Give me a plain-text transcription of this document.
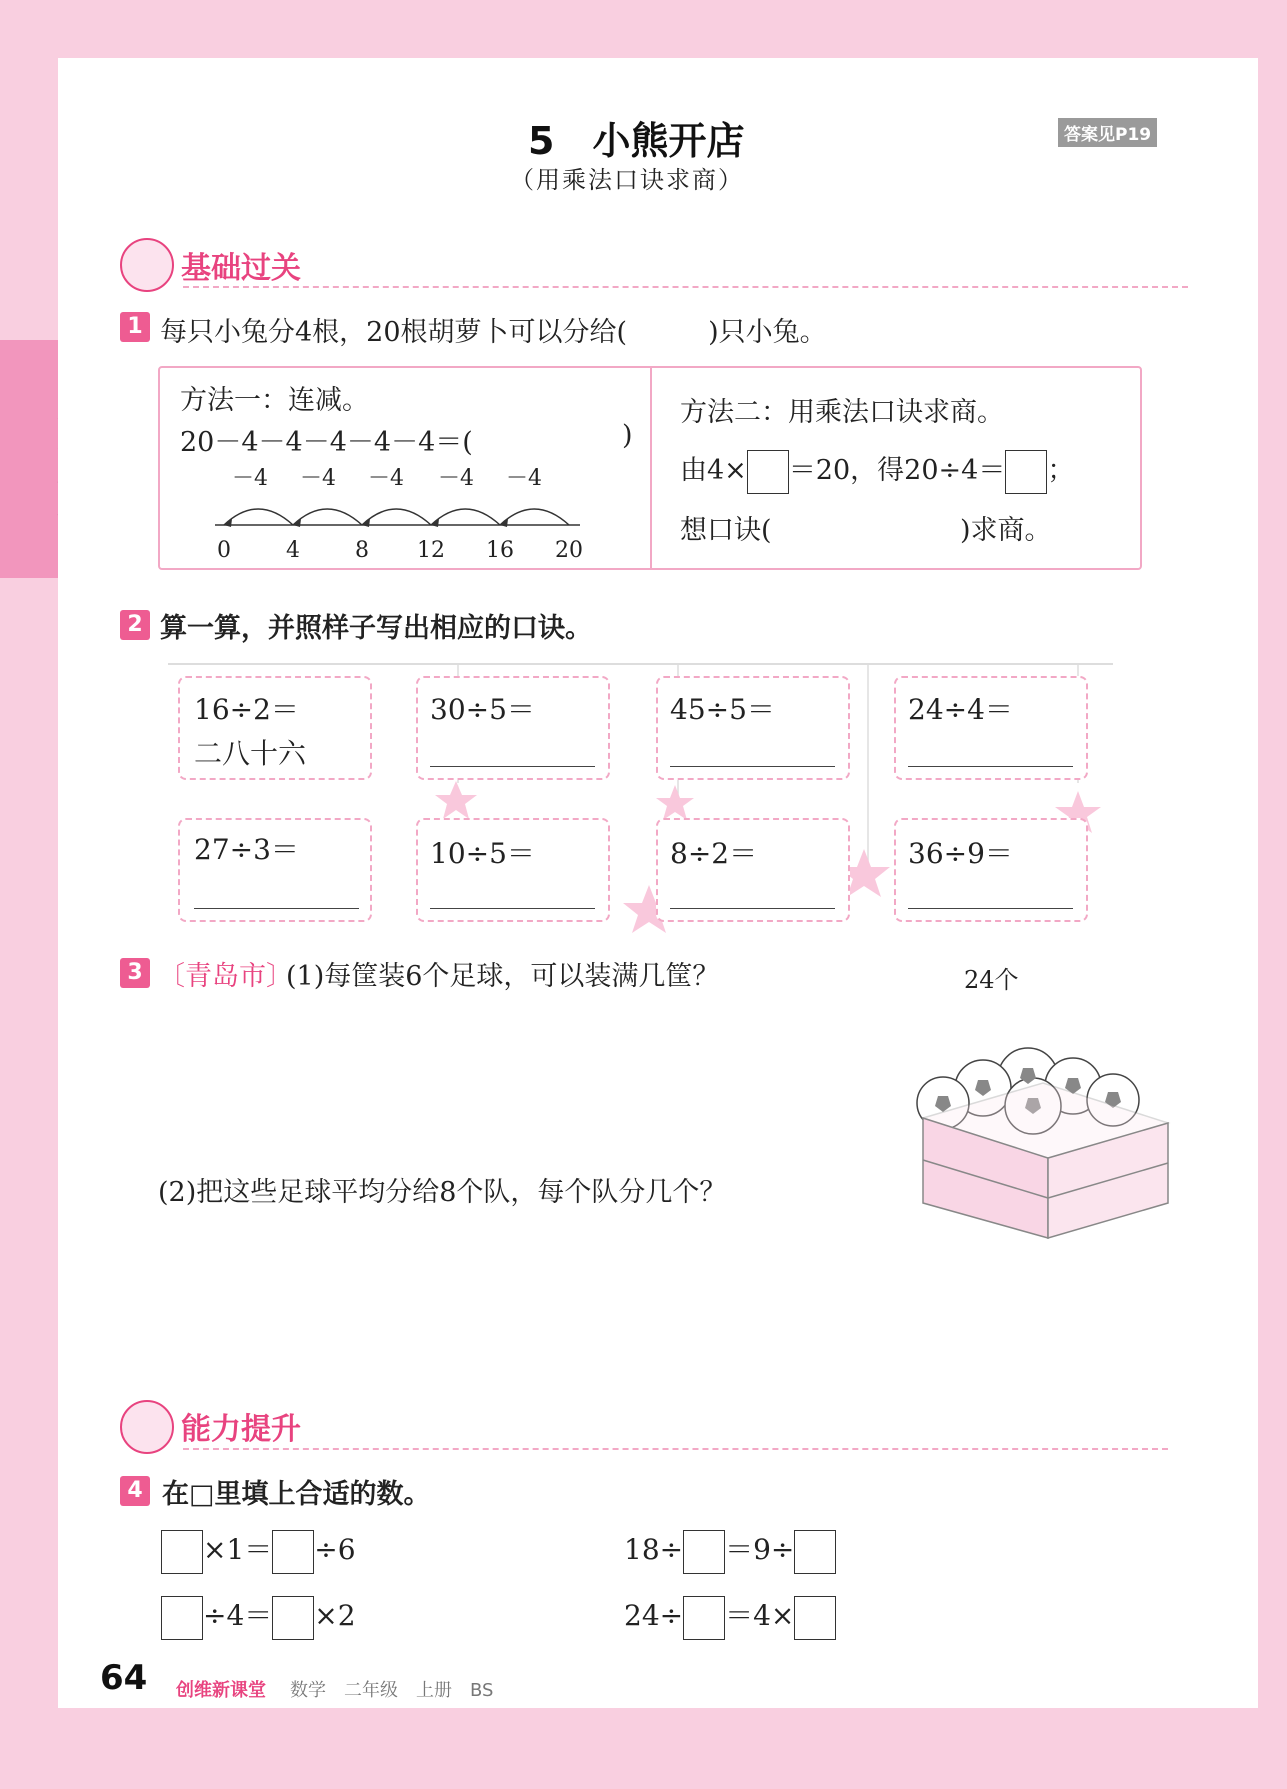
5　小熊开店
（用乘法口诀求商）
答案见P19
基础过关
1 每只小兔分4根，20根胡萝卜可以分给(　　　)只小兔。
方法一：连减。
20－4－4－4－4－4＝(	)
－4 －4 －4 －4 －4
0	4	8 12 16 20
方法二：用乘法口诀求商。
由4× ＝20，得20÷4＝ ；
想口诀(	)求商。
2 算一算，并照样子写出相应的口诀。
16÷2＝
二八十六
30÷5＝	45÷5＝	24÷4＝
27÷3＝	10÷5＝	8÷2＝	36÷9＝
3 〔青岛市〕
(1)每筐装6个足球，可以装满几筐？
(2)把这些足球平均分给8个队，每个队分几个？
24个
能力提升
4 在□里填上合适的数。
×1＝ ÷6	18÷ ＝9÷
÷4＝ ×2	24÷ ＝4×
64 创维新课堂 数学　二年级　上册　BS
